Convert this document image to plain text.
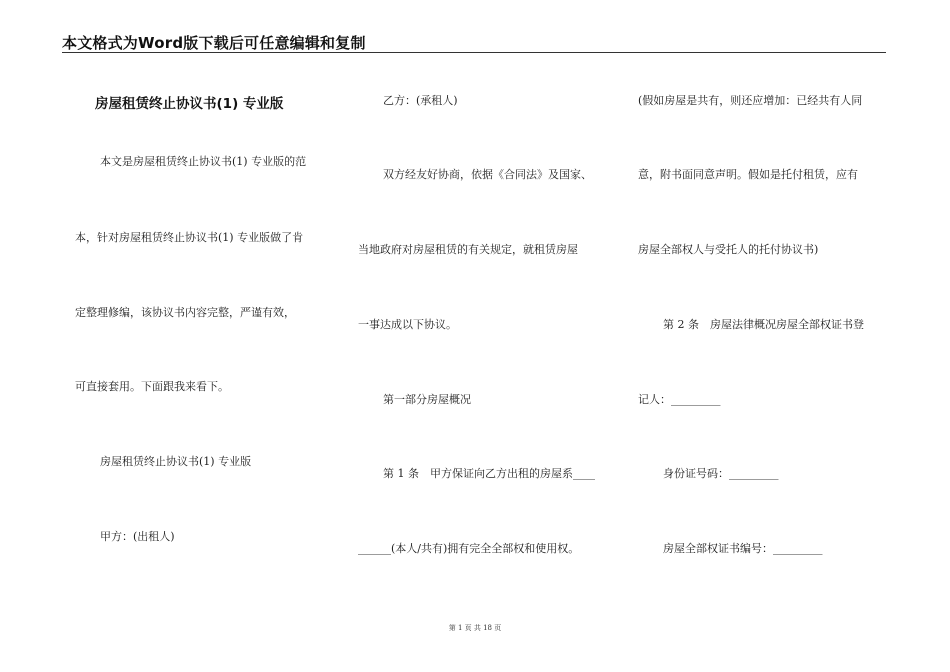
本文格式为Word版下载后可任意编辑和复制
房屋租赁终止协议书(1) 专业版
本文是房屋租赁终止协议书(1) 专业版的范
本，针对房屋租赁终止协议书(1) 专业版做了肯
定整理修编，该协议书内容完整，严谨有效，
可直接套用。下面跟我来看下。
房屋租赁终止协议书(1) 专业版
甲方：(出租人)
乙方：(承租人)
双方经友好协商，依据《合同法》及国家、
当地政府对房屋租赁的有关规定，就租赁房屋
一事达成以下协议。
第一部分房屋概况
第 1 条　甲方保证向乙方出租的房屋系____
______(本人/共有)拥有完全全部权和使用权。
(假如房屋是共有，则还应增加：已经共有人同
意，附书面同意声明。假如是托付租赁，应有
房屋全部权人与受托人的托付协议书)
第 2 条　房屋法律概况房屋全部权证书登
记人：_________
身份证号码：_________
房屋全部权证书编号：_________
第 1 页 共 18 页
